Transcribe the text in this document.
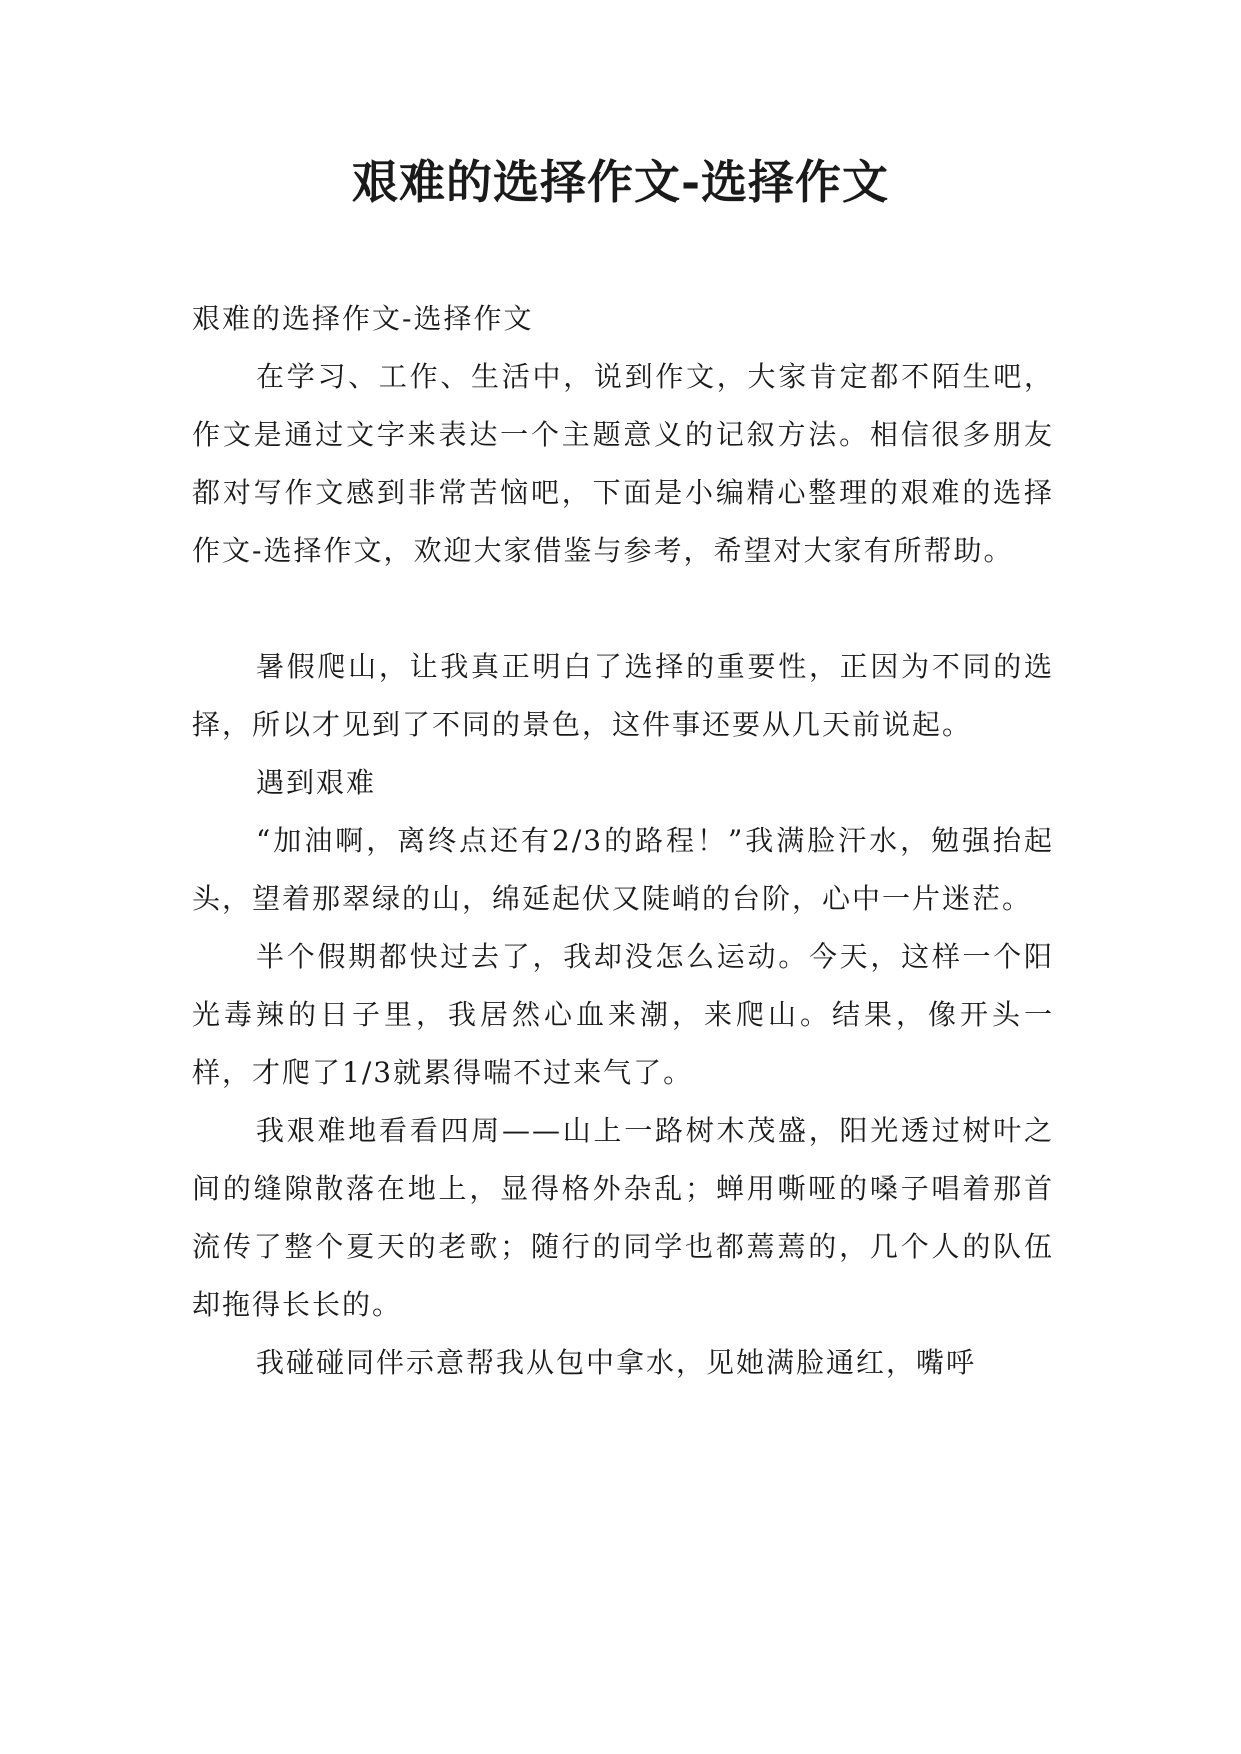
艰难的选择作文-选择作文

艰难的选择作文-选择作文

在学习、工作、生活中，说到作文，大家肯定都不陌生吧，作文是通过文字来表达一个主题意义的记叙方法。相信很多朋友都对写作文感到非常苦恼吧，下面是小编精心整理的艰难的选择作文-选择作文，欢迎大家借鉴与参考，希望对大家有所帮助。

暑假爬山，让我真正明白了选择的重要性，正因为不同的选择，所以才见到了不同的景色，这件事还要从几天前说起。

遇到艰难

“加油啊，离终点还有2/3的路程！”我满脸汗水，勉强抬起头，望着那翠绿的山，绵延起伏又陡峭的台阶，心中一片迷茫。

半个假期都快过去了，我却没怎么运动。今天，这样一个阳光毒辣的日子里，我居然心血来潮，来爬山。结果，像开头一样，才爬了1/3就累得喘不过来气了。

我艰难地看看四周——山上一路树木茂盛，阳光透过树叶之间的缝隙散落在地上，显得格外杂乱；蝉用嘶哑的嗓子唱着那首流传了整个夏天的老歌；随行的同学也都蔫蔫的，几个人的队伍却拖得长长的。

我碰碰同伴示意帮我从包中拿水，见她满脸通红，嘴呼
